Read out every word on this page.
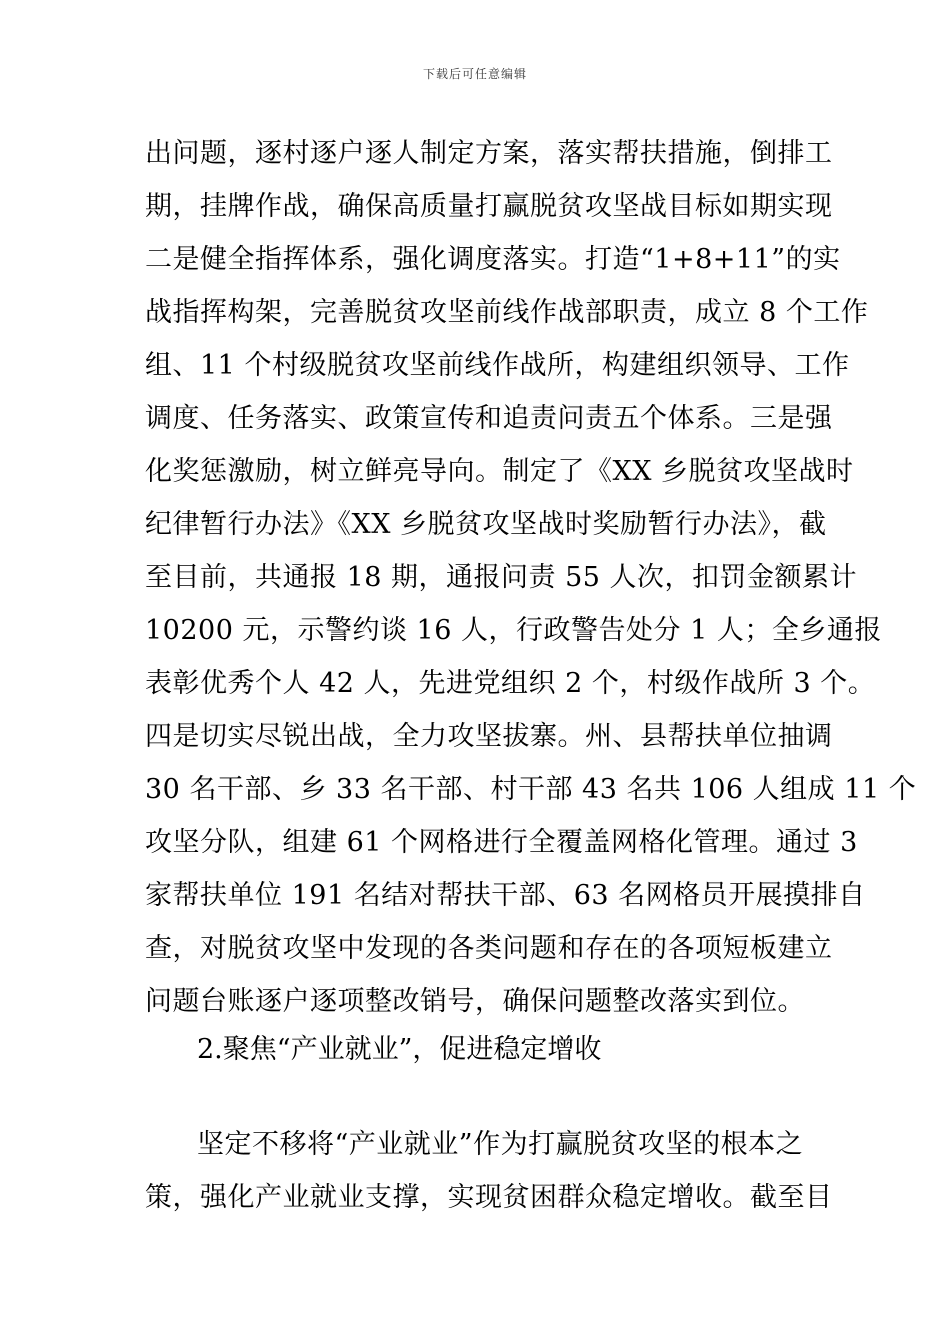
下载后可任意编辑
出问题，逐村逐户逐人制定方案，落实帮扶措施，倒排工
期，挂牌作战，确保高质量打赢脱贫攻坚战目标如期实现
二是健全指挥体系，强化调度落实。打造“1+8+11”的实
战指挥构架，完善脱贫攻坚前线作战部职责，成立 8 个工作
组、11 个村级脱贫攻坚前线作战所，构建组织领导、工作
调度、任务落实、政策宣传和追责问责五个体系。三是强
化奖惩激励，树立鲜亮导向。制定了《XX 乡脱贫攻坚战时
纪律暂行办法》《XX 乡脱贫攻坚战时奖励暂行办法》，截
至目前，共通报 18 期，通报问责 55 人次，扣罚金额累计
10200 元，示警约谈 16 人，行政警告处分 1 人；全乡通报
表彰优秀个人 42 人，先进党组织 2 个，村级作战所 3 个。
四是切实尽锐出战，全力攻坚拔寨。州、县帮扶单位抽调
30 名干部、乡 33 名干部、村干部 43 名共 106 人组成 11 个
攻坚分队，组建 61 个网格进行全覆盖网格化管理。通过 3
家帮扶单位 191 名结对帮扶干部、63 名网格员开展摸排自
查，对脱贫攻坚中发现的各类问题和存在的各项短板建立
问题台账逐户逐项整改销号，确保问题整改落实到位。
2.聚焦“产业就业”，促进稳定增收
坚定不移将“产业就业”作为打赢脱贫攻坚的根本之
策，强化产业就业支撑，实现贫困群众稳定增收。截至目
